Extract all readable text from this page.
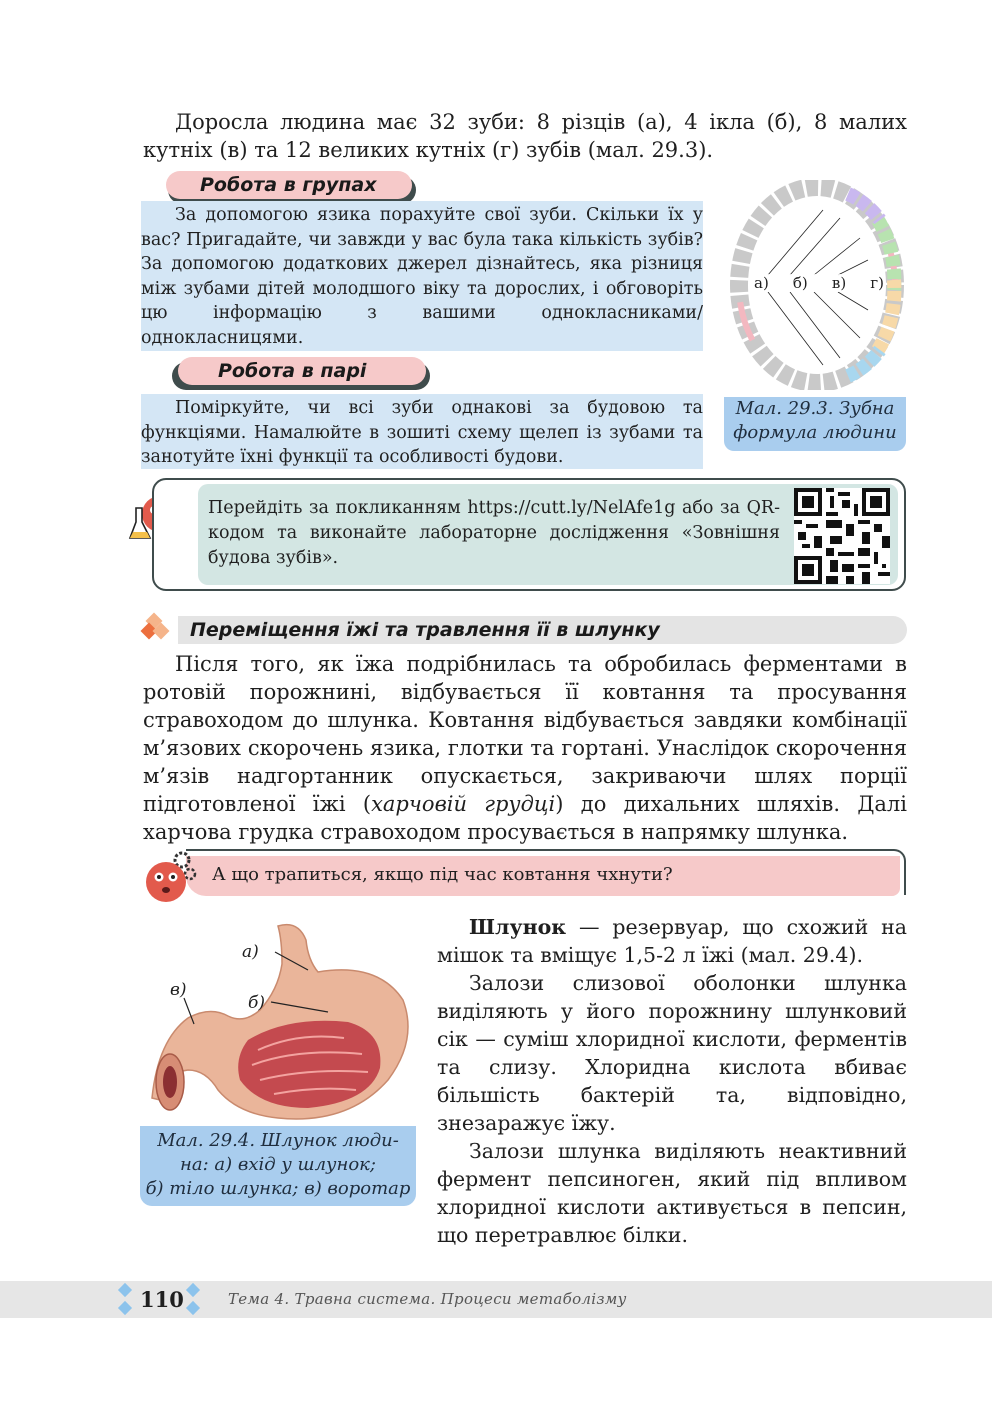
Доросла людина має 32 зуби: 8 різців (а), 4 ікла (б), 8 малих кутніх (в) та 12 великих кутніх (г) зубів (мал. 29.3).

Робота в групах

За допомогою язика порахуйте свої зуби. Скільки їх у вас? Пригадайте, чи завжди у вас була така кількість зубів? За допомогою додаткових джерел дізнайтесь, яка різниця між зубами дітей молодшого віку та дорослих, і обговоріть цю інформацію з вашими однокласниками/однокласницями.

Робота в парі

Поміркуйте, чи всі зуби однакові за будовою та функціями. Намалюйте в зошиті схему щелеп із зубами та занотуйте їхні функції та особливості будови.

а) б) в) г)
Мал. 29.3. Зубна
формула людини

Перейдіть за покликанням https://cutt.ly/NelAfe1g або за QR-кодом та виконайте лабораторне дослідження «Зовнішня будова зубів».

Переміщення їжі та травлення її в шлунку

Після того, як їжа подрібнилась та обробилась ферментами в ротовій порожнині, відбувається її ковтання та просування стравоходом до шлунка. Ковтання відбувається завдяки комбінації м’язових скорочень язика, глотки та гортані. Унаслідок скорочення м’язів надгортанник опускається, закриваючи шлях порції підготовленої їжі (харчовій грудці) до дихальних шляхів. Далі харчова грудка стравоходом просувається в напрямку шлунка.

А що трапиться, якщо під час ковтання чхнути?
а)
б)
в)
Мал. 29.4. Шлунок люди-
на: а) вхід у шлунок;
б) тіло шлунка; в) воротар

Шлунок — резервуар, що схожий на мішок та вміщує 1,5-2 л їжі (мал. 29.4).

Залози слизової оболонки шлунка виділяють у його порожнину шлунковий сік — суміш хлоридної кислоти, ферментів та слизу. Хлоридна кислота вбиває більшість бактерій та, відповідно, знезаражує їжу.

Залози шлунка виділяють неактивний фермент пепсиноген, який під впливом хлоридної кислоти активується в пепсин, що перетравлює білки.

110	Тема 4. Травна система. Процеси метаболізму
